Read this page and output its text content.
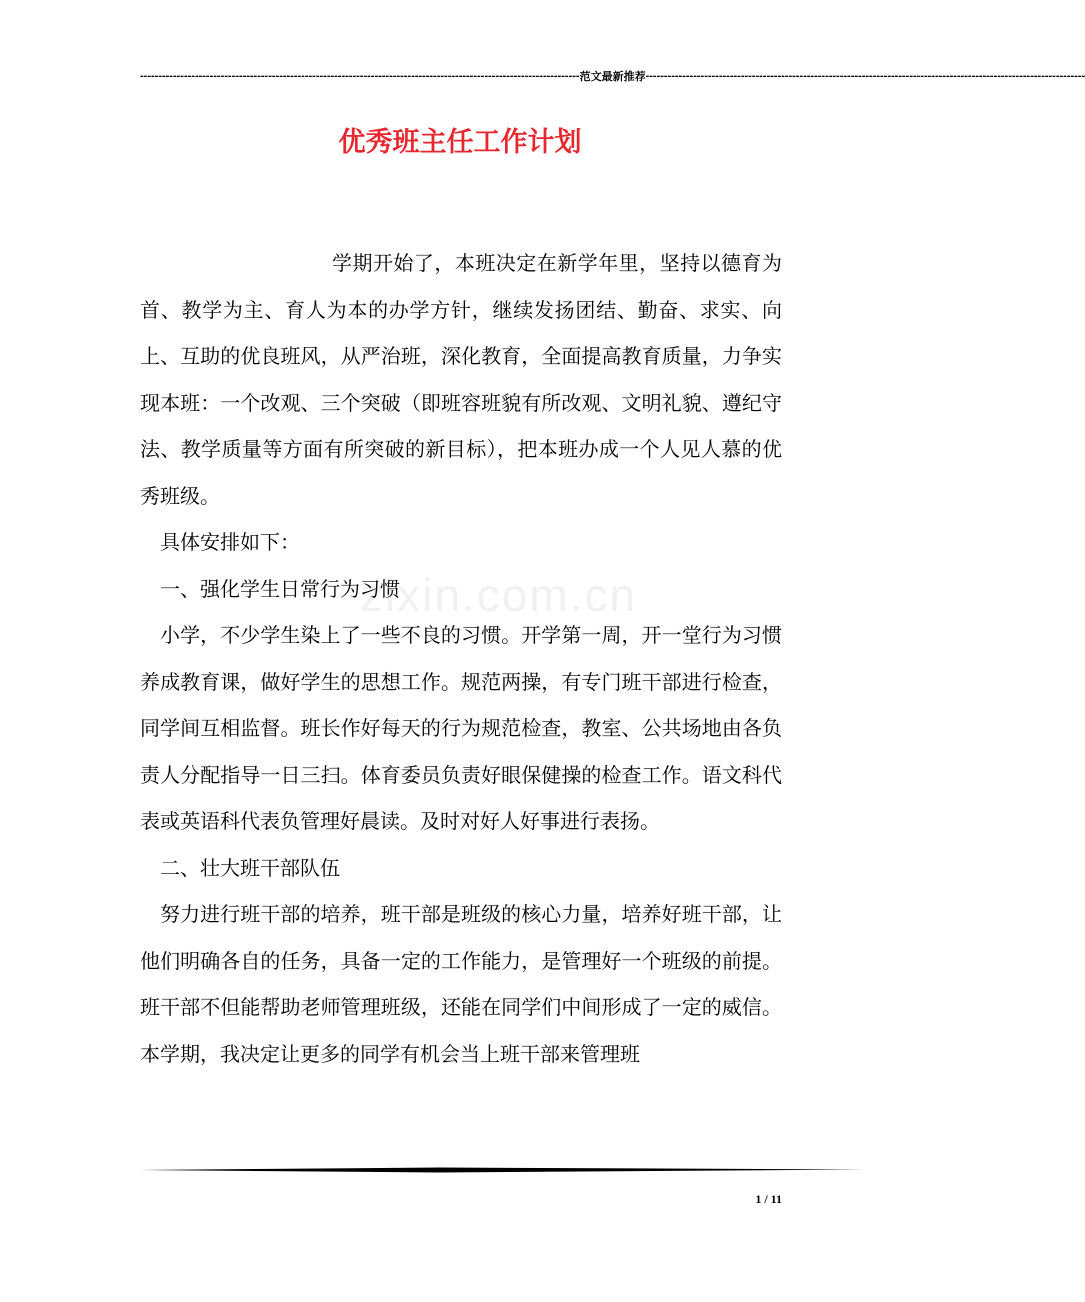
------------------------------------------------------------------------------------------------------------------------ 范文最新推荐 ------------------------------------------------------------------------------------------------------------------------
优秀班主任工作计划
zixin.com.cn

学期开始了，本班决定在新学年里，坚持以德育为首、教学为主、育人为本的办学方针，继续发扬团结、勤奋、求实、向上、互助的优良班风，从严治班，深化教育，全面提高教育质量，力争实现本班：一个改观、三个突破（即班容班貌有所改观、文明礼貌、遵纪守法、教学质量等方面有所突破的新目标），把本班办成一个人见人慕的优秀班级。

具体安排如下：

一、强化学生日常行为习惯

小学，不少学生染上了一些不良的习惯。开学第一周，开一堂行为习惯养成教育课，做好学生的思想工作。规范两操，有专门班干部进行检查，同学间互相监督。班长作好每天的行为规范检查，教室、公共场地由各负责人分配指导一日三扫。体育委员负责好眼保健操的检查工作。语文科代表或英语科代表负管理好晨读。及时对好人好事进行表扬。

二、壮大班干部队伍

努力进行班干部的培养，班干部是班级的核心力量，培养好班干部，让他们明确各自的任务，具备一定的工作能力，是管理好一个班级的前提。班干部不但能帮助老师管理班级，还能在同学们中间形成了一定的威信。本学期，我决定让更多的同学有机会当上班干部来管理班

1 / 11
